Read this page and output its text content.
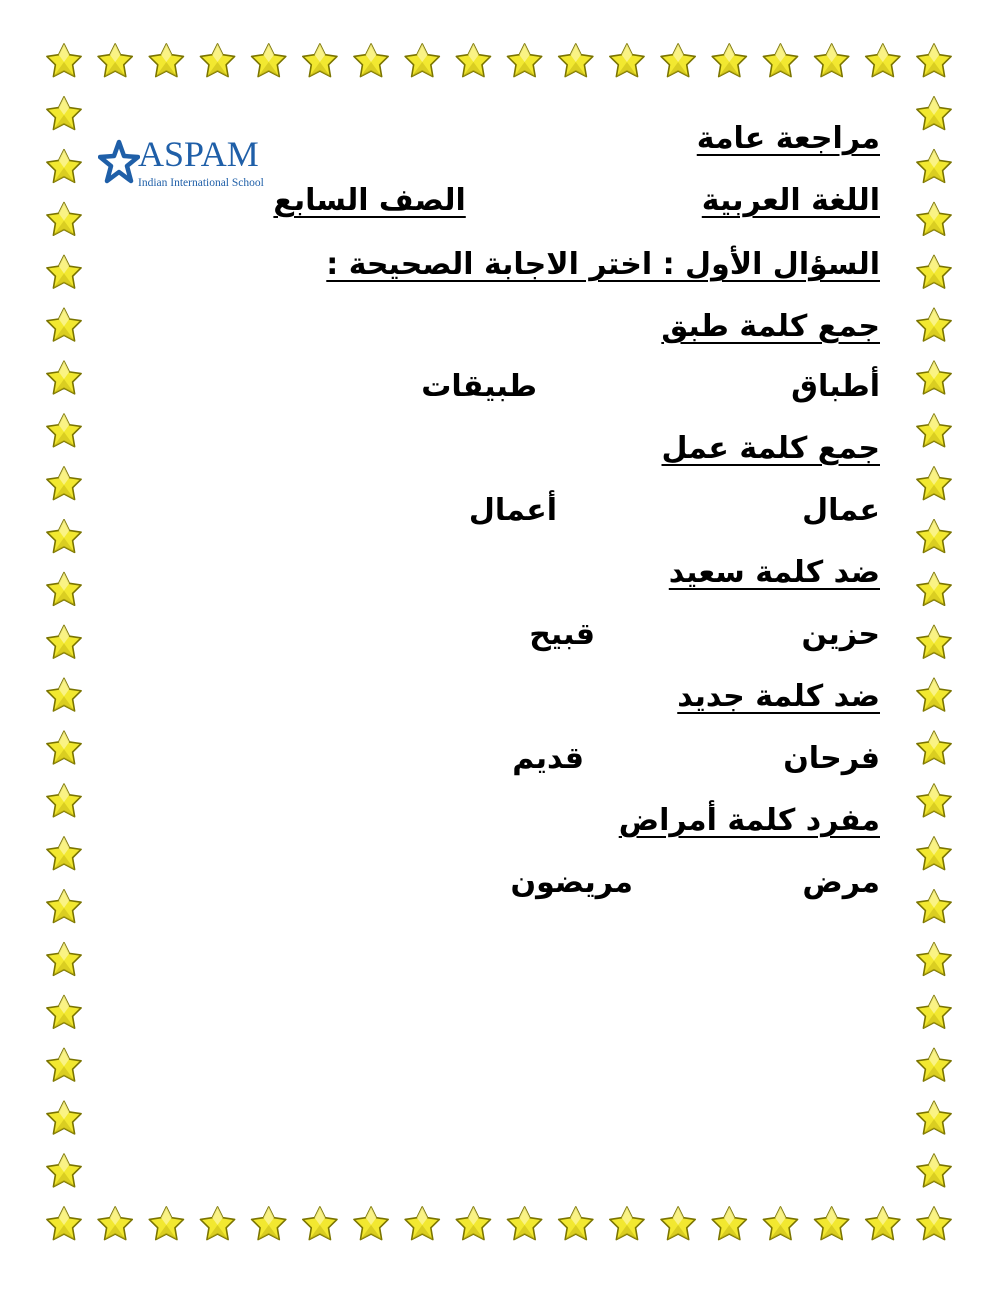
ASPAM
Indian International School
مراجعة عامة
اللغة العربيةالصف السابع
السؤال الأول : اختر الاجابة الصحيحة :
جمع كلمة طبق
أطباق
طبيقات
جمع كلمة عمل
عمال
أعمال
ضد كلمة سعيد
حزين
قبيح
ضد كلمة جديد
فرحان
قديم
مفرد كلمة أمراض
مرض
مريضون
